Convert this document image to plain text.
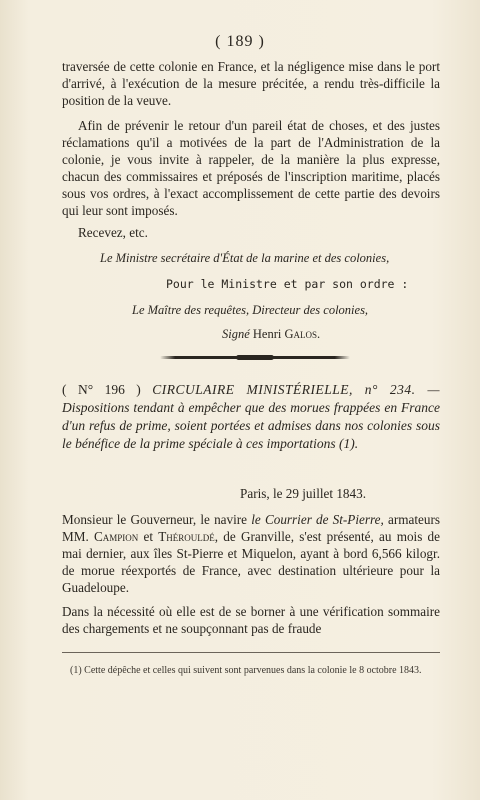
( 189 )

traversée de cette colonie en France, et la négligence mise dans le port d'arrivé, à l'exécution de la mesure précitée, a rendu très-difficile la position de la veuve.

Afin de prévenir le retour d'un pareil état de choses, et des justes réclamations qu'il a motivées de la part de l'Administration de la colonie, je vous invite à rappeler, de la manière la plus expresse, chacun des commissaires et préposés de l'inscription maritime, placés sous vos ordres, à l'exact accomplissement de cette partie des devoirs qui leur sont imposés.

Recevez, etc.

Le Ministre secrétaire d'État de la marine et des colonies,
Pour le Ministre et par son ordre :
Le Maître des requêtes, Directeur des colonies,
Signé Henri Galos.

( N° 196 ) CIRCULAIRE MINISTÉRIELLE, n° 234. — Dispositions tendant à empêcher que des morues frappées en France d'un refus de prime, soient portées et admises dans nos colonies sous le bénéfice de la prime spéciale à ces importations (1).

Paris, le 29 juillet 1843.

Monsieur le Gouverneur, le navire le Courrier de St-Pierre, armateurs MM. Campion et Thérouldé, de Granville, s'est présenté, au mois de mai dernier, aux îles St-Pierre et Miquelon, ayant à bord 6,566 kilogr. de morue réexportés de France, avec destination ultérieure pour la Guadeloupe.

Dans la nécessité où elle est de se borner à une vérification sommaire des chargements et ne soupçonnant pas de fraude

(1) Cette dépêche et celles qui suivent sont parvenues dans la colonie le 8 octobre 1843.
